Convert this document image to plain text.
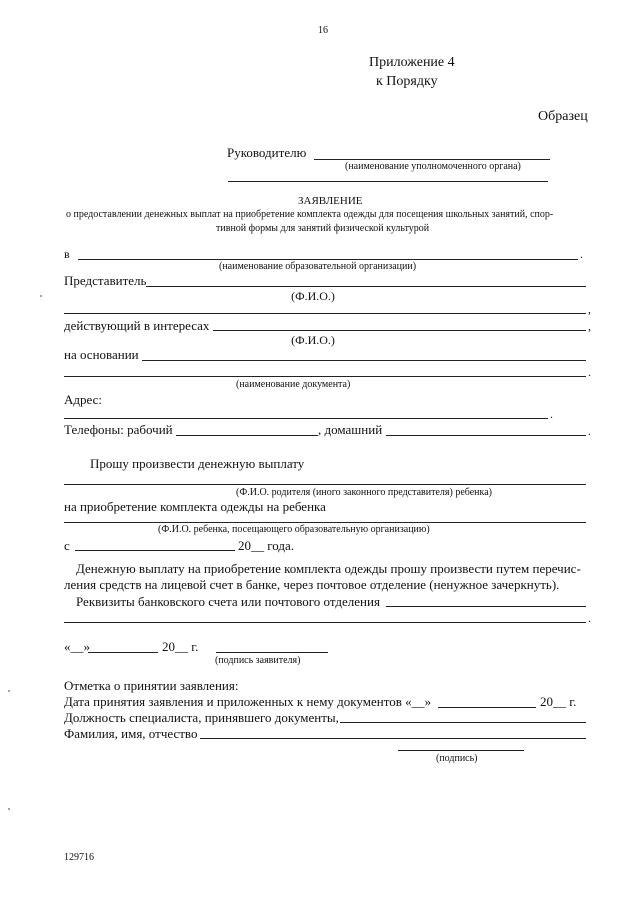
16
Приложение 4
к Порядку
Образец
Руководителю
(наименование уполномоченного органа)
ЗАЯВЛЕНИЕ
о предоставлении денежных выплат на приобретение комплекта одежды для посещения школьных занятий, спор-
тивной формы для занятий физической культурой
в	.
(наименование образовательной организации)
Представитель
(Ф.И.О.)
,
действующий в интересах	,
(Ф.И.О.)
на основании
.
(наименование документа)
Адрес:
.
Телефоны: рабочий	, домашний	.
Прошу произвести денежную выплату
(Ф.И.О. родителя (иного законного представителя) ребенка)
на приобретение комплекта одежды на ребенка
(Ф.И.О. ребенка, посещающего образовательную организацию)
с	20__ года.
Денежную выплату на приобретение комплекта одежды прошу произвести путем перечис-
ления средств на лицевой счет в банке, через почтовое отделение (ненужное зачеркнуть).
Реквизиты банковского счета или почтового отделения
.
«__»	20__ г.
(подпись заявителя)
Отметка о принятии заявления:
Дата принятия заявления и приложенных к нему документов «__»	20__ г.
Должность специалиста, принявшего документы,
Фамилия, имя, отчество
(подпись)
129716
